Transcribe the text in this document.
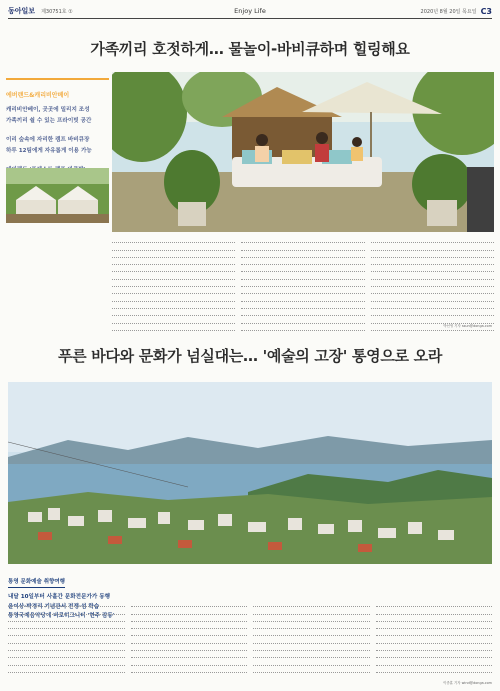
동아일보 제30751호 ①	Enjoy Life	2020년 8월 20일 목요일 C3
가족끼리 호젓하게… 물놀이-바비큐하며 힐링해요
에버랜드&캐리비안베이
캐리비안베이, 곳곳에 밀리지 조성
가족끼리 쉴 수 있는 프라이빗 공간
이리 숲속에 자리한 캠프 바비큐장
하루 12팀에게 자유롭게 이용 가능
박선영 기자 ssun@donga.com
푸른 바다와 문화가 넘실대는… '예술의 고장' 통영으로 오라
통영 문화예술 취향여행
내달 10일부터 사흘간 문화전문가가 동행
윤이상·박경리 기념관서 전쟁·섬 학습
통영국제음악당에 비로히그니터 '현주 감동'
이종훈 기자 wind@donga.com
